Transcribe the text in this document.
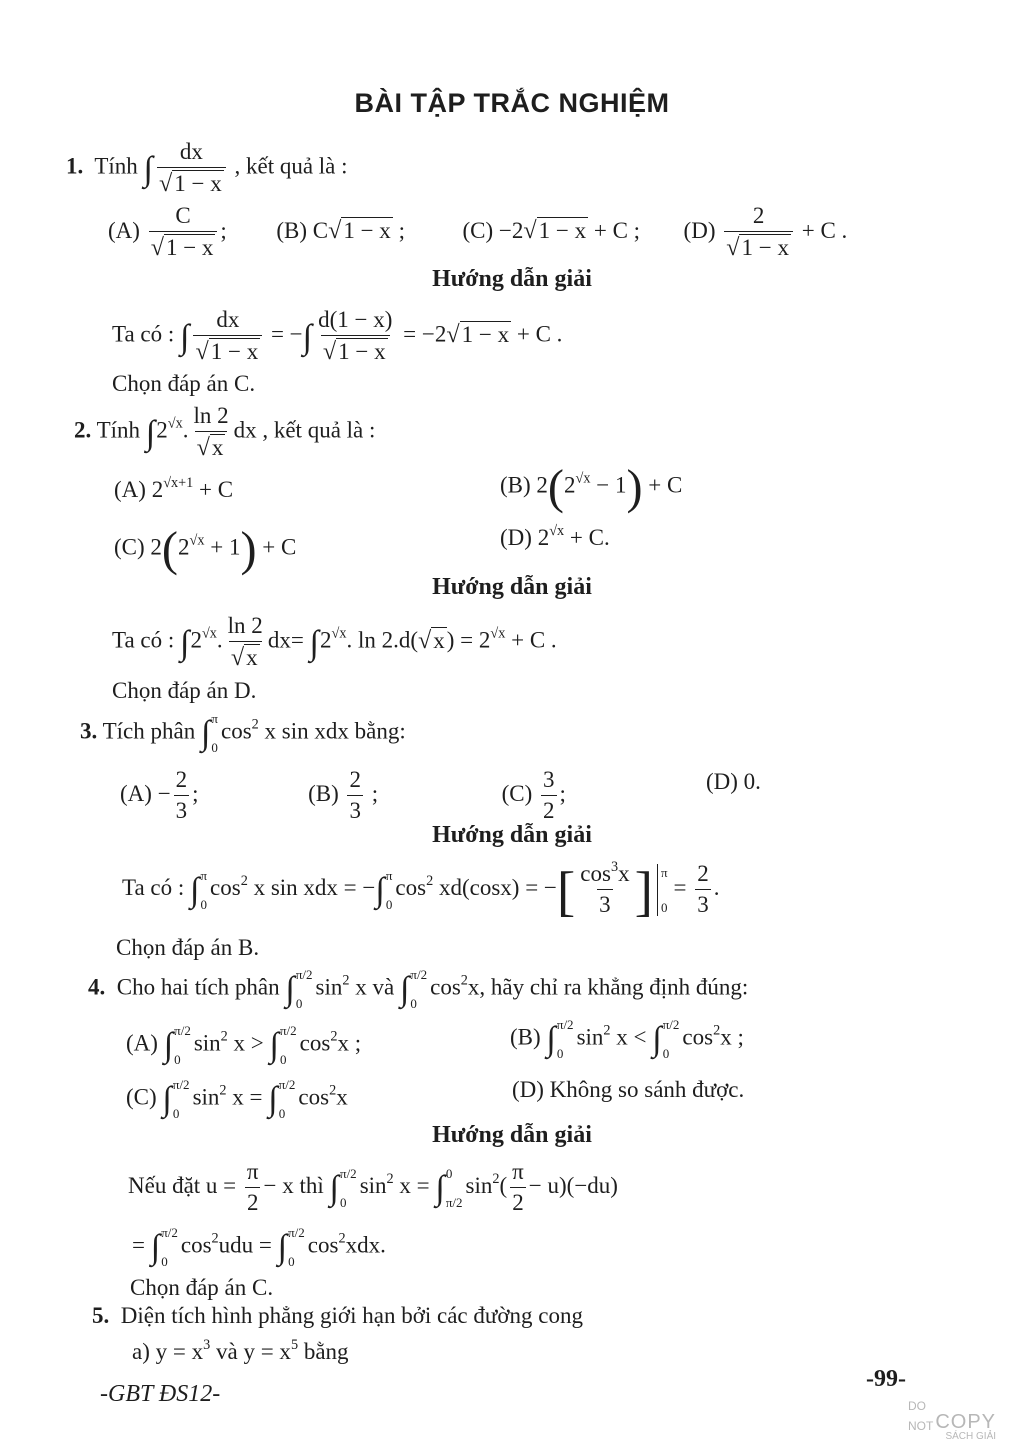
BÀI TẬP TRẮC NGHIỆM
1. Tính ∫ $\frac{dx}{√1 - x}$ , kết quả là :
$(A) \frac{C}{√1 - x}$ ; (B) C√1 − x ;	(C) −2√1 − x + C ; $(D) \frac{2}{√1 - x} + C$ .
Hướng dẫn giải
Ta có : ∫ $\frac{dx}{√1 - x}$ = −∫ $\frac{d(1 - x)}{√1 - x} = -2√1 - x + C$ .
Chọn đáp án C.
2. Tính $\int 2^{√x}$. $\frac{\ln 2}{√x}$ dx , kết quả là :
(A) $2^{√x+1} + C$	(B) $2(2^{√x} - 1) + C$
(C) $2(2^{√x} + 1) + C$	(D) $2^{√x} + C$.
Hướng dẫn giải
Ta có : $\int 2^{√x}$. $\frac{\ln 2}{√x} dx= \int 2^{√x}$. $\ln 2.d(√x) = 2^{√x} + C$ .
Chọn đáp án D.
3. Tích phân ∫ π
0
$\cos^2 x$ sin xdx bằng:
$(A) - \frac{2}{3}$ ;	$(B) \frac{2}{3}$ ;	$(C) \frac{3}{2}$ ;	(D) 0.
Hướng dẫn giải
Ta có : ∫ π
0
$\cos^2 x$ sin xdx = −∫ π
0
$\cos^2 xd(\cos x)$ = −[ $\frac{\cos^3x}{3}$ ] π
0
= $\frac{2}{3}$ .
Chọn đáp án B.
4. Cho hai tích phân ∫ π/2
0
$\sin^2 x$ và ∫ π/2
0
$\cos^2x$, hãy chỉ ra khẳng định đúng:
(A) ∫ π/2
0
$\sin^2 x$ > ∫ π/2
0
$\cos^2x$ ;	(B) ∫ π/2
0
$\sin^2 x$ < ∫ π/2
0
$\cos^2x$ ;
(C) ∫ π/2
0
$\sin^2 x$ = ∫ π/2
0
$\cos^2x$	(D) Không so sánh được.
Hướng dẫn giải
Nếu đặt $u = \frac{\pi}{2} - x$ thì ∫ π/2
0
$\sin^2 x$ = ∫ 0
π/2
$\sin^2( \frac{\pi}{2} - u)(-du)$
= ∫ π/2
0
$\cos^2udu$ = ∫ π/2
0
$\cos^2xdx$.
Chọn đáp án C.
5. Diện tích hình phẳng giới hạn bởi các đường cong
a) $y = x^3$ và $y = x^5$ bằng
-GBT ĐS12-
-99-
DO
NOT COPY
SÁCH GIẢI
